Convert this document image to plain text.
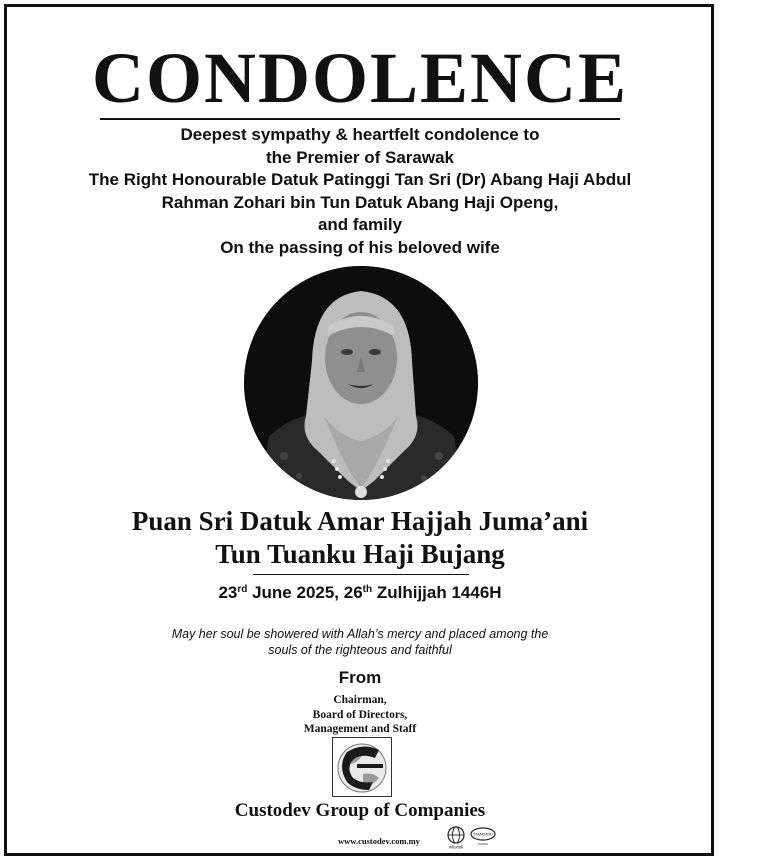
CONDOLENCE
Deepest sympathy & heartfelt condolence to
the Premier of Sarawak
The Right Honourable Datuk Patinggi Tan Sri (Dr) Abang Haji Abdul
Rahman Zohari bin Tun Datuk Abang Haji Openg,
and family
On the passing of his beloved wife
Puan Sri Datuk Amar Hajjah Juma’ani
Tun Tuanku Haji Bujang
23rd June 2025, 26th Zulhijjah 1446H
May her soul be showered with Allah’s mercy and placed among the
souls of the righteous and faithful
From
Chairman,
Board of Directors,
Management and Staff
Custodev Group of Companies
www.custodev.com.my
intertek
STANDARD
